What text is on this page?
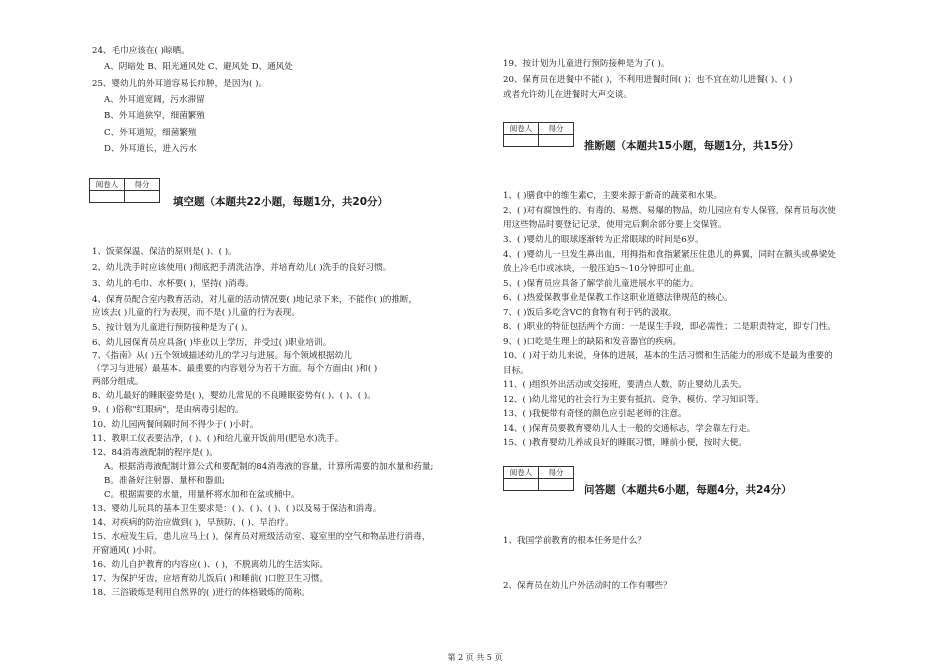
24、毛巾应该在( )晾晒。
A、阴暗处 B、阳光通风处 C、避风处 D、通风处
25、婴幼儿的外耳道容易长疖肿，是因为( )。
A、外耳道宽阔，污水滞留
B、外耳道狭窄，细菌繁殖
C、外耳道短，细菌繁殖
D、外耳道长，进入污水
阅卷人	得分

填空题（本题共22小题，每题1分，共20分）
1、饭菜保温、保洁的原则是( )、( )。
2、幼儿洗手时应该使用( )彻底把手清洗洁净，并培育幼儿( )洗手的良好习惯。
3、幼儿的毛巾、水杯要( )，坚持( )消毒。
4、保育员配合室内教育活动，对儿童的活动情况要( )地记录下来，不能作( )的推断，
应该去( )儿童的行为表现，而不是( )儿童的行为表现。
5、按计划为儿童进行预防接种是为了( )。
6、幼儿园保育员应具备( )毕业以上学历，并受过( )职业培训。
7、《指南》从( )五个领域描述幼儿的学习与进展。每个领域根据幼儿
（学习与进展）最基本、最重要的内容划分为若干方面。每个方面由( )和( )
两部分组成。
8、幼儿最好的睡眠姿势是( )，婴幼儿常见的不良睡眠姿势有( )、( )、( )。
9、( )俗称"红眼病"，是由病毒引起的。
10、幼儿园两餐间隔时间不得少于( )小时。
11、教职工仪表要洁净，( )、( )和给儿童开饭前用(肥皂水)洗手。
12、84消毒液配制的程序是( )。
A。根据消毒液配制计算公式和要配制的84消毒液的容量，计算所需要的加水量和药量;
B。准备好注射器、量杯和器皿;
C。根据需要的水量，用量杯将水加和在盆或桶中。
13、婴幼儿玩具的基本卫生要求是：( )、( )、( )、( )以及易于保洁和消毒。
14、对疾病的防治应做到( )，早预防、( )、早治疗。
15、水痘发生后，患儿应马上( )，保育员对班级活动室、寝室里的空气和物品进行消毒，
开窗通风( )小时。
16、幼儿自护教育的内容应( )、( )，不脱离幼儿的生活实际。
17、为保护牙齿，应培育幼儿饭后( )和睡前( )口腔卫生习惯。
18、三浴锻炼是利用自然界的( )进行的体格锻炼的简称。
19、按计划为儿童进行预防接种是为了( )。
20、保育员在进餐中不能( )，不利用进餐时间( )；也不宜在幼儿进餐( )、( )
或者允许幼儿在进餐时大声交谈。
阅卷人	得分

推断题（本题共15小题，每题1分，共15分）
1、( )膳食中的维生素C，主要来源于新奇的蔬菜和水果。
2、( )对有腐蚀性的、有毒的、易燃、易爆的物品，幼儿园应有专人保管，保育员每次使
用这些物品时要登记记录，使用完后剩余部分要上交保管。
3、( )婴幼儿的眼球逐渐转为正常眼球的时间是6岁。
4、( )婴幼儿一旦发生鼻出血，用拇指和食指紧紧压住患儿的鼻翼，同时在额头或鼻梁处
放上冷毛巾或冰块，一般压迫5～10分钟即可止血。
5、( )保育员应具备了解学前儿童进展水平的能力。
6、( )热爱保教事业是保教工作这职业道德法律规范的核心。
7、( )饭后多吃含VC的食物有利于钙的汲取。
8、( )职业的特征包括两个方面：一是谋生手段，即必需性；二是职责特定，即专门性。
9、( )口吃是生理上的缺陷和发音器官的疾病。
10、( )对于幼儿来说，身体的进展，基本的生活习惯和生活能力的形成不是最为重要的
目标。
11、( )组织外出活动或交接班，要清点人数，防止婴幼儿丢失。
12、( )幼儿常见的社会行为主要有抵抗、竞争、模仿、学习知识等。
13、( )我便带有奇怪的颜色应引起老师的注意。
14、( )保育员要教育婴幼儿人士一般的交通标志，学会靠左行走。
15、( )教育婴幼儿养成良好的睡眠习惯，睡前小便，按时大便。
阅卷人	得分

问答题（本题共6小题，每题4分，共24分）
1、我国学前教育的根本任务是什么？
2、保育员在幼儿户外活动时的工作有哪些？
第 2 页 共 5 页
